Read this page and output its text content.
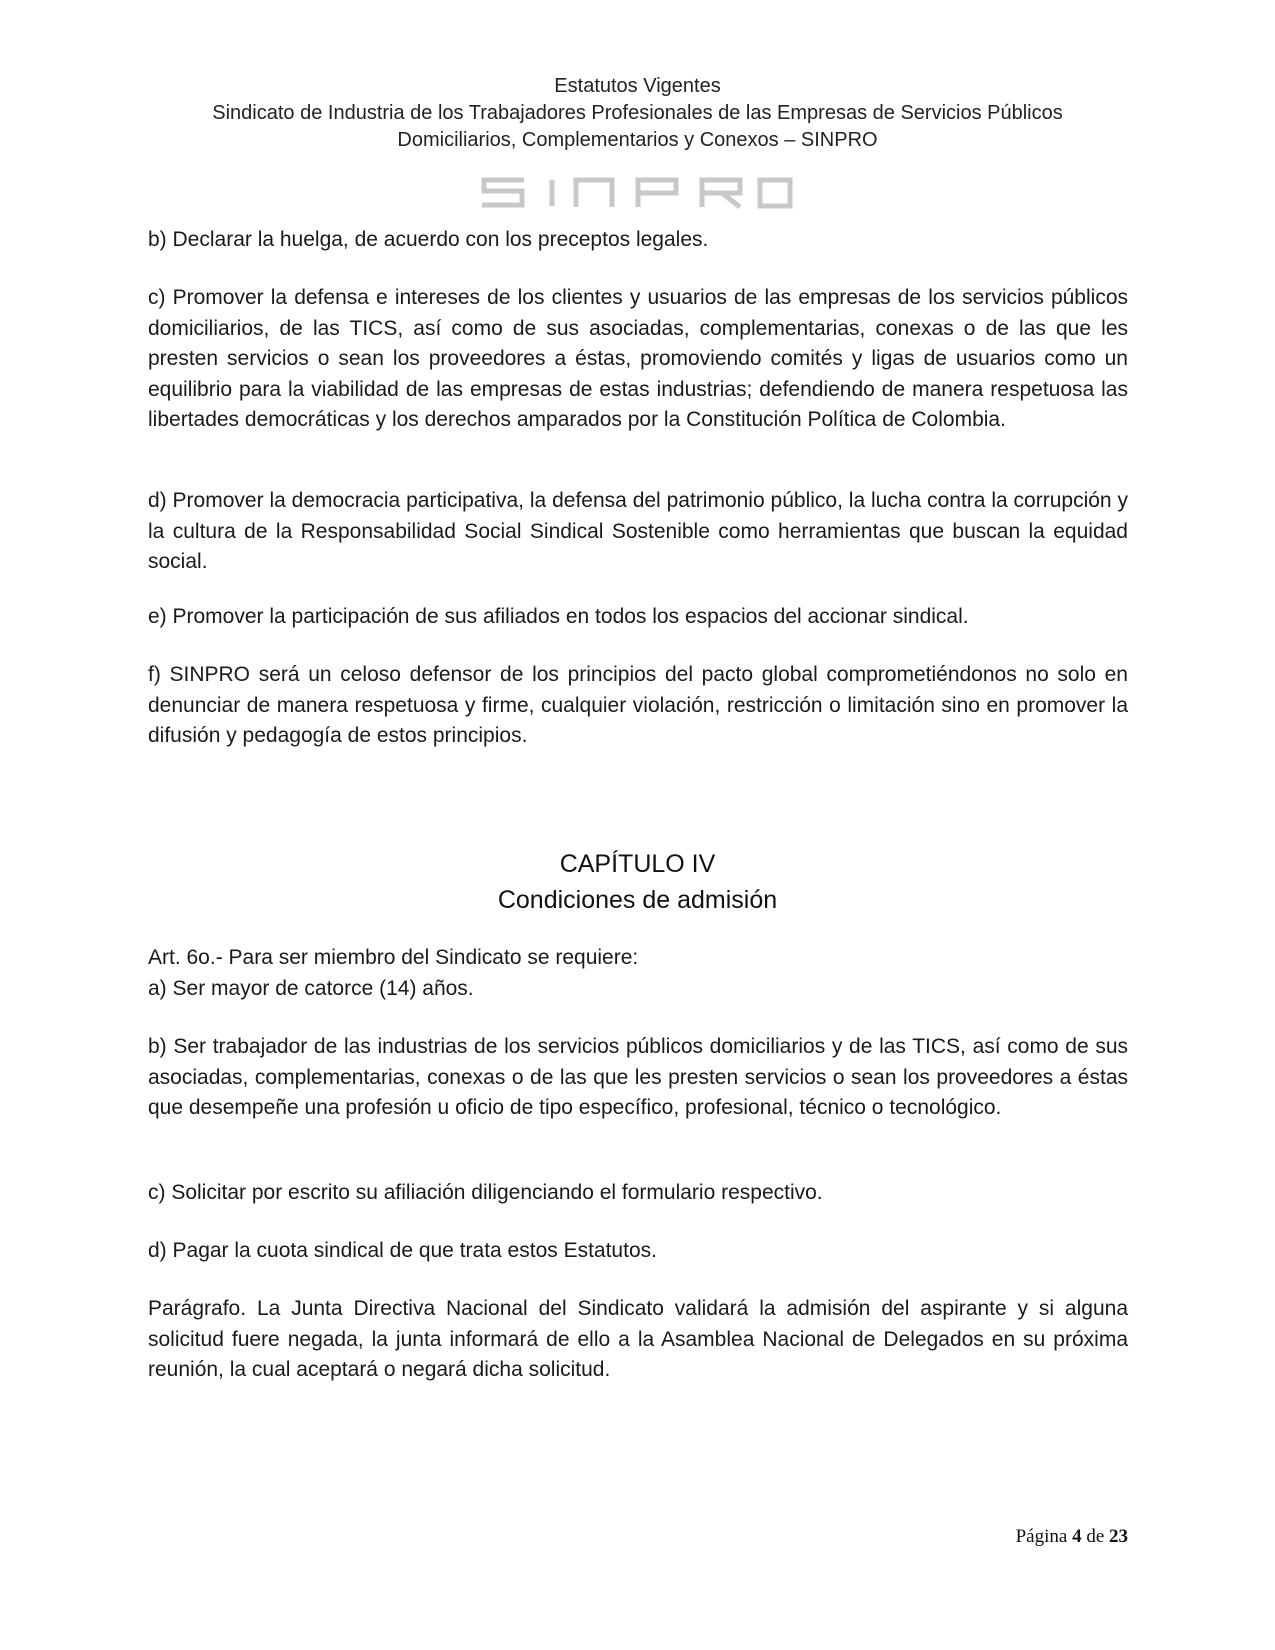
Estatutos Vigentes
Sindicato de Industria de los Trabajadores Profesionales de las Empresas de Servicios Públicos
Domiciliarios, Complementarios y Conexos – SINPRO

b) Declarar la huelga, de acuerdo con los preceptos legales.

c) Promover la defensa e intereses de los clientes y usuarios de las empresas de los servicios públicos domiciliarios, de las TICS, así como de sus asociadas, complementarias, conexas o de las que les presten servicios o sean los proveedores a éstas, promoviendo comités y ligas de usuarios como un equilibrio para la viabilidad de las empresas de estas industrias; defendiendo de manera respetuosa las libertades democráticas y los derechos amparados por la Constitución Política de Colombia.

d) Promover la democracia participativa, la defensa del patrimonio público, la lucha contra la corrupción y la cultura de la Responsabilidad Social Sindical Sostenible como herramientas que buscan la equidad social.

e) Promover la participación de sus afiliados en todos los espacios del accionar sindical.

f) SINPRO será un celoso defensor de los principios del pacto global comprometiéndonos no solo en denunciar de manera respetuosa y firme, cualquier violación, restricción o limitación sino en promover la difusión y pedagogía de estos principios.

CAPÍTULO IV
Condiciones de admisión

Art. 6o.- Para ser miembro del Sindicato se requiere:

a) Ser mayor de catorce (14) años.

b) Ser trabajador de las industrias de los servicios públicos domiciliarios y de las TICS, así como de sus asociadas, complementarias, conexas o de las que les presten servicios o sean los proveedores a éstas que desempeñe una profesión u oficio de tipo específico, profesional, técnico o tecnológico.

c) Solicitar por escrito su afiliación diligenciando el formulario respectivo.

d) Pagar la cuota sindical de que trata estos Estatutos.

Parágrafo. La Junta Directiva Nacional del Sindicato validará la admisión del aspirante y si alguna solicitud fuere negada, la junta informará de ello a la Asamblea Nacional de Delegados en su próxima reunión, la cual aceptará o negará dicha solicitud.

Página 4 de 23
